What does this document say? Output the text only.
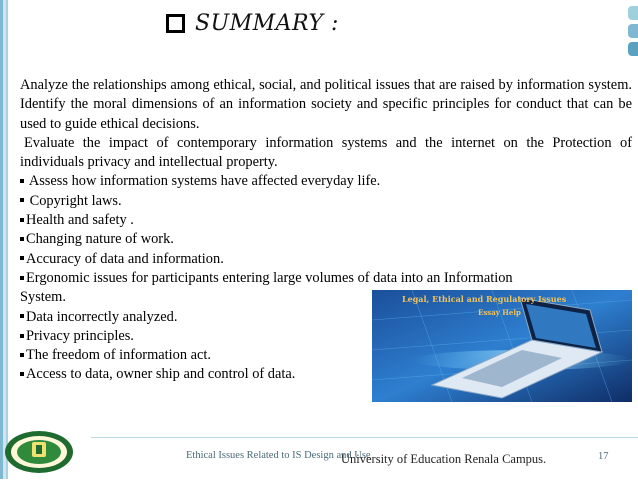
SUMMARY :

Analyze the relationships among ethical, social, and political issues that are raised by information system. Identify the moral dimensions of an information society and specific principles for conduct that can be used to guide ethical decisions.

Evaluate the impact of contemporary information systems and the internet on the Protection of individuals privacy and intellectual property.

Assess how information systems have affected everyday life.
Copyright laws.
Health and safety .
Changing nature of work.
Accuracy of data and information.
Ergonomic issues for participants entering large volumes of data into an Information System.
Data incorrectly analyzed.
Privacy principles.
The freedom of information act.
Access to data, owner ship and control of data.
Legal, Ethical and Regulatory Issues
Essay Help
Ethical Issues Related to IS Design and Use
University of Education Renala Campus.	17
